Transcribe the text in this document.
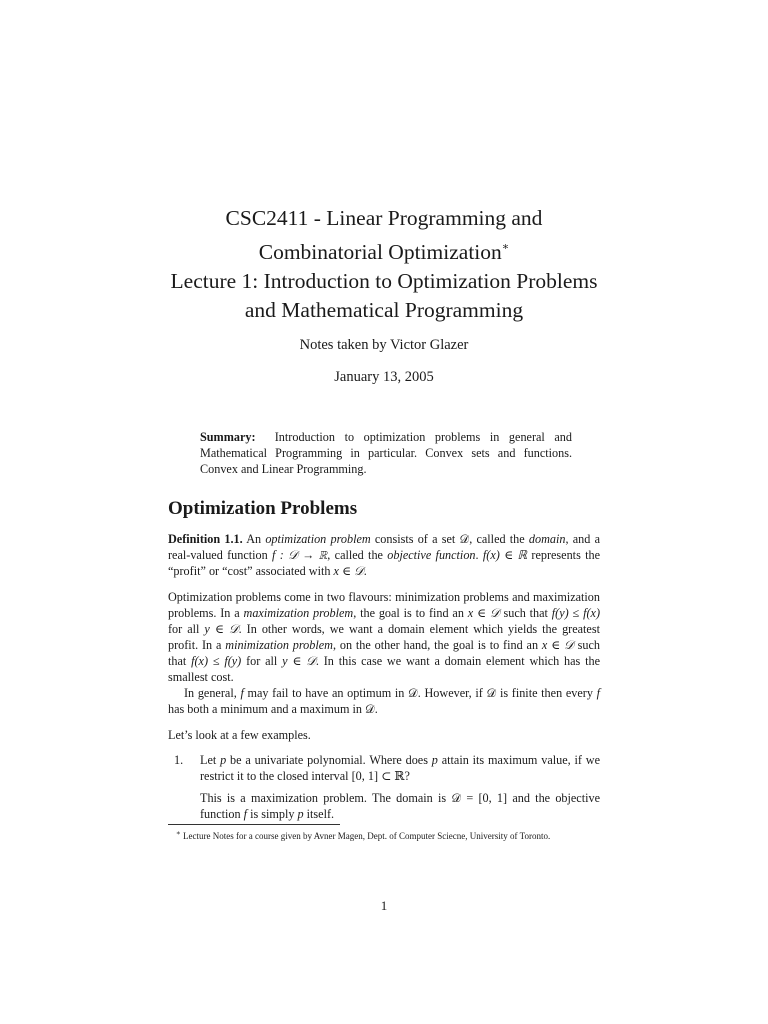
CSC2411 - Linear Programming and

Combinatorial Optimization∗

Lecture 1: Introduction to Optimization Problems

and Mathematical Programming

Notes taken by Victor Glazer
January 13, 2005
Summary: Introduction to optimization problems in general and Mathematical Programming in particular. Convex sets and functions. Convex and Linear Programming.
Optimization Problems

Definition 1.1. An optimization problem consists of a set 𝒟, called the domain, and a real-valued function f : 𝒟 → ℝ, called the objective function. f(x) ∈ ℝ represents the “profit” or “cost” associated with x ∈ 𝒟.

Optimization problems come in two flavours: minimization problems and maximization problems. In a maximization problem, the goal is to find an x ∈ 𝒟 such that f(y) ≤ f(x) for all y ∈ 𝒟. In other words, we want a domain element which yields the greatest profit. In a minimization problem, on the other hand, the goal is to find an x ∈ 𝒟 such that f(x) ≤ f(y) for all y ∈ 𝒟. In this case we want a domain element which has the smallest cost.
In general, f may fail to have an optimum in 𝒟. However, if 𝒟 is finite then every f has both a minimum and a maximum in 𝒟.

Let’s look at a few examples.

1. Let p be a univariate polynomial. Where does p attain its maximum value, if we restrict it to the closed interval [0, 1] ⊂ ℝ?
This is a maximization problem. The domain is 𝒟 = [0, 1] and the objective function f is simply p itself.
∗ Lecture Notes for a course given by Avner Magen, Dept. of Computer Sciecne, University of Toronto.
1
